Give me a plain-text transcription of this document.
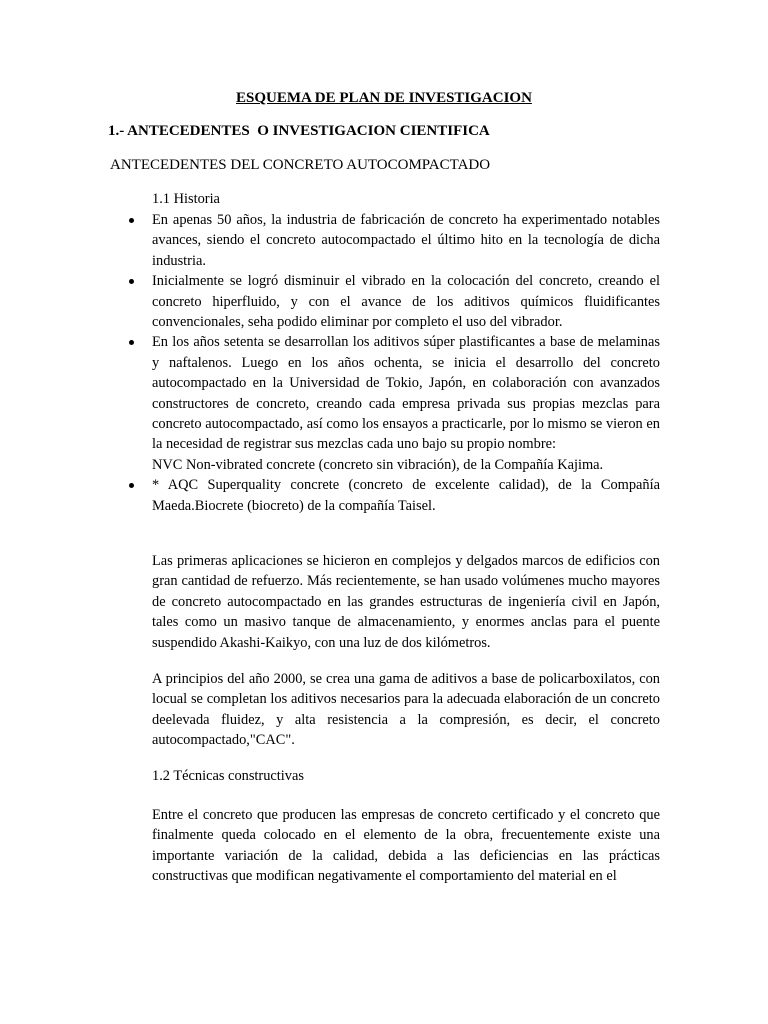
ESQUEMA DE PLAN DE INVESTIGACION
1.- ANTECEDENTES  O INVESTIGACION CIENTIFICA
ANTECEDENTES DEL CONCRETO AUTOCOMPACTADO
1.1 Historia
En apenas 50 años, la industria de fabricación de concreto ha experimentado notables avances, siendo el concreto autocompactado el último hito en la tecnología de dicha industria.
Inicialmente se logró disminuir el vibrado en la colocación del concreto, creando el concreto hiperfluido, y con el avance de los aditivos químicos fluidificantes convencionales, seha podido eliminar por completo el uso del vibrador.
En los años setenta se desarrollan los aditivos súper plastificantes a base de melaminas y naftalenos. Luego en los años ochenta, se inicia el desarrollo del concreto autocompactado en la Universidad de Tokio, Japón, en colaboración con avanzados constructores de concreto, creando cada empresa privada sus propias mezclas para concreto autocompactado, así como los ensayos a practicarle, por lo mismo se vieron en la necesidad de registrar sus mezclas cada uno bajo su propio nombre:
NVC Non-vibrated concrete (concreto sin vibración), de la Compañía Kajima.
* AQC Superquality concrete (concreto de excelente calidad), de la Compañía Maeda.Biocrete (biocreto) de la compañía Taisel.
Las primeras aplicaciones se hicieron en complejos y delgados marcos de edificios con gran cantidad de refuerzo. Más recientemente, se han usado volúmenes mucho mayores de concreto autocompactado en las grandes estructuras de ingeniería civil en Japón, tales como un masivo tanque de almacenamiento, y enormes anclas para el puente suspendido Akashi-Kaikyo, con una luz de dos kilómetros.
A principios del año 2000, se crea una gama de aditivos a base de policarboxilatos, con locual se completan los aditivos necesarios para la adecuada elaboración de un concreto deelevada fluidez, y alta resistencia a la compresión, es decir, el concreto autocompactado,"CAC".
1.2 Técnicas constructivas
Entre el concreto que producen las empresas de concreto certificado y el concreto que finalmente queda colocado en el elemento de la obra, frecuentemente existe una importante variación de la calidad, debida a las deficiencias en las prácticas constructivas que modifican negativamente el comportamiento del material en el
